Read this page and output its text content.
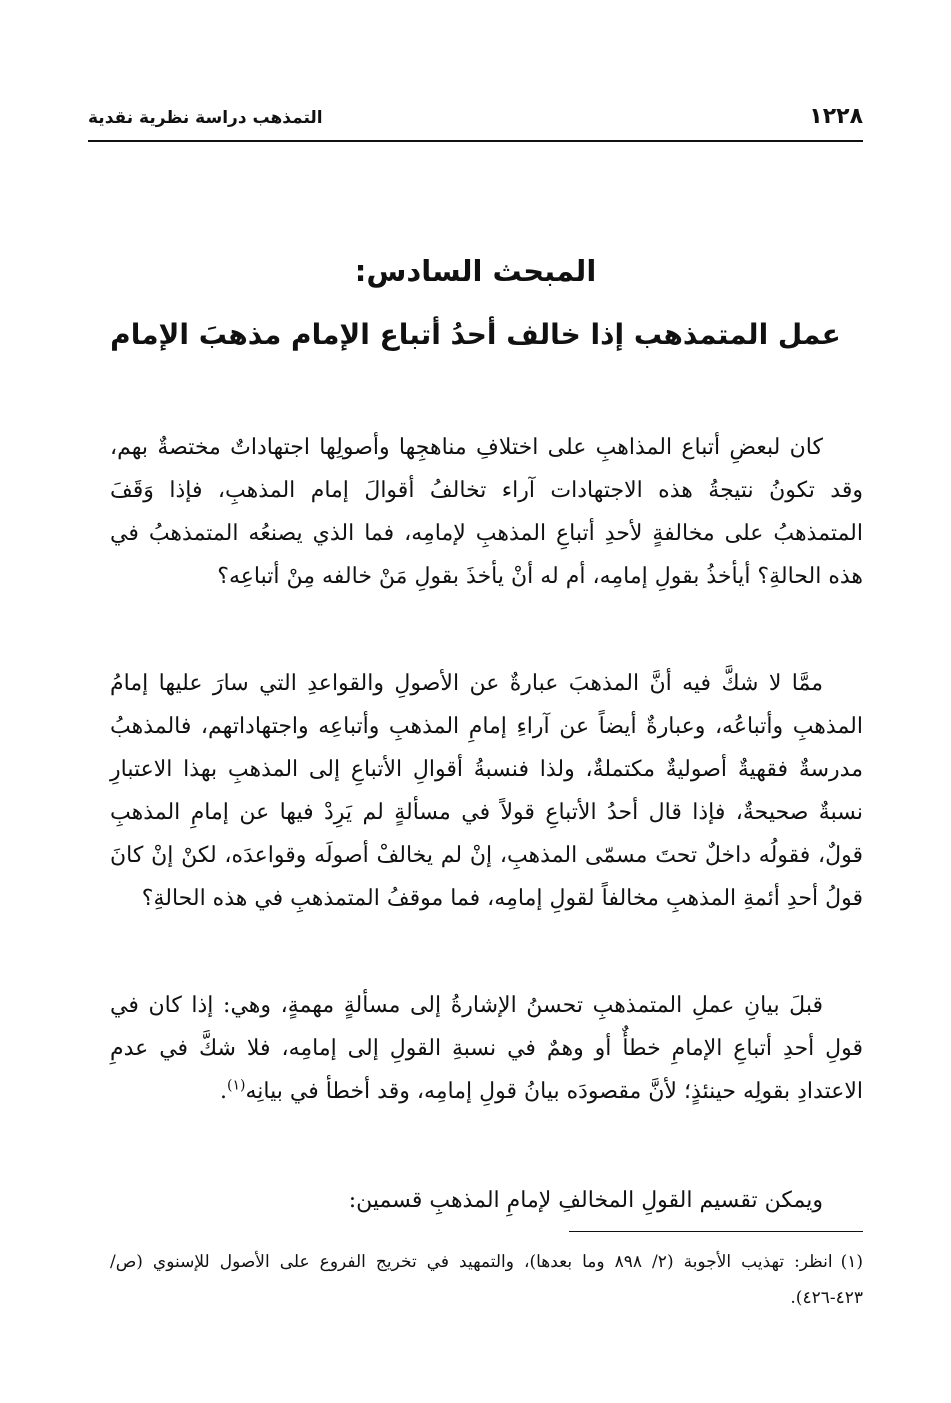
١٢٢٨
التمذهب دراسة نظرية نقدية
المبحث السادس:
عمل المتمذهب إذا خالف أحدُ أتباع الإمام مذهبَ الإمام

كان لبعضِ أتباع المذاهبِ على اختلافِ مناهجِها وأصولِها اجتهاداتٌ مختصةٌ بهم، وقد تكونُ نتيجةُ هذه الاجتهادات آراء تخالفُ أقوالَ إمام المذهبِ، فإذا وَقَفَ المتمذهبُ على مخالفةٍ لأحدِ أتباعِ المذهبِ لإمامِه، فما الذي يصنعُه المتمذهبُ في هذه الحالةِ؟ أيأخذُ بقولِ إمامِه، أم له أنْ يأخذَ بقولِ مَنْ خالفه مِنْ أتباعِه؟

ممَّا لا شكَّ فيه أنَّ المذهبَ عبارةٌ عن الأصولِ والقواعدِ التي سارَ عليها إمامُ المذهبِ وأتباعُه، وعبارةٌ أيضاً عن آراءِ إمامِ المذهبِ وأتباعِه واجتهاداتهم، فالمذهبُ مدرسةٌ فقهيةٌ أصوليةٌ مكتملةٌ، ولذا فنسبةُ أقوالِ الأتباعِ إلى المذهبِ بهذا الاعتبارِ نسبةٌ صحيحةٌ، فإذا قال أحدُ الأتباعِ قولاً في مسألةٍ لم يَرِدْ فيها عن إمامِ المذهبِ قولٌ، فقولُه داخلٌ تحتَ مسمّى المذهبِ، إنْ لم يخالفْ أصولَه وقواعدَه، لكنْ إنْ كانَ قولُ أحدِ أئمةِ المذهبِ مخالفاً لقولِ إمامِه، فما موقفُ المتمذهبِ في هذه الحالةِ؟

قبلَ بيانِ عملِ المتمذهبِ تحسنُ الإشارةُ إلى مسألةٍ مهمةٍ، وهي: إذا كان في قولِ أحدِ أتباعِ الإمامِ خطأٌ أو وهمٌ في نسبةِ القولِ إلى إمامِه، فلا شكَّ في عدمِ الاعتدادِ بقولِه حينئذٍ؛ لأنَّ مقصودَه بيانُ قولِ إمامِه، وقد أخطأ في بيانِه$^{(١)}$.

ويمكن تقسيم القولِ المخالفِ لإمامِ المذهبِ قسمين:

(١)انظر: تهذيب الأجوبة (٢/ ٨٩٨ وما بعدها)، والتمهيد في تخريج الفروع على الأصول للإسنوي (ص/ ٤٢٣-٤٢٦).
